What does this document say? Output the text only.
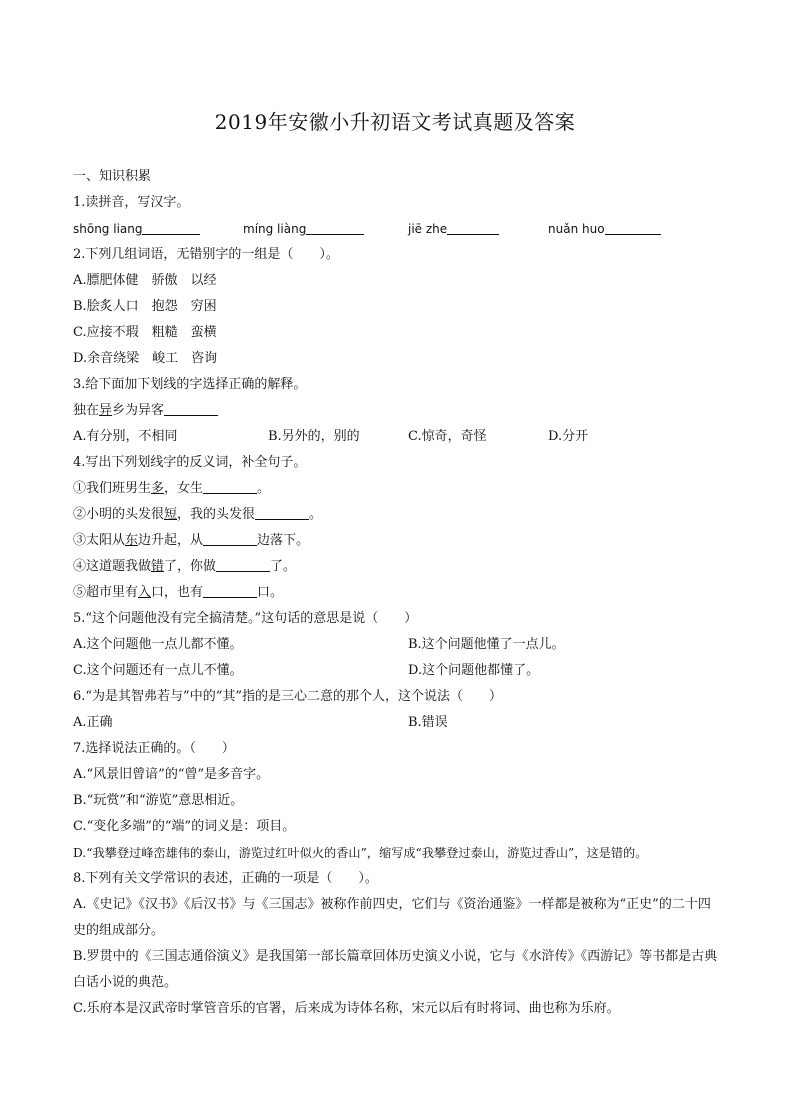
2019年安徽小升初语文考试真题及答案
一、知识积累
1.读拼音，写汉字。
shōng liang	míng liàng	jiē zhe	nuǎn huo
2.下列几组词语，无错别字的一组是（　　）。
A.膘肥体健　骄傲　以经
B.脍炙人口　抱怨　穷困
C.应接不瑕　粗糙　蛮横
D.余音绕梁　峻工　咨询
3.给下面加下划线的字选择正确的解释。
独在异乡为异客
A.有分别，不相同	B.另外的，别的	C.惊奇，奇怪	D.分开
4.写出下列划线字的反义词，补全句子。
①我们班男生多，女生	。
②小明的头发很短，我的头发很	。
③太阳从东边升起，从	边落下。
④这道题我做错了，你做	了。
⑤超市里有入口，也有	口。
5.“这个问题他没有完全搞清楚。”这句话的意思是说（　　）
A.这个问题他一点儿都不懂。	B.这个问题他懂了一点儿。
C.这个问题还有一点儿不懂。	D.这个问题他都懂了。
6.“为是其智弗若与”中的“其”指的是三心二意的那个人，这个说法（　　）
A.正确	B.错误
7.选择说法正确的。（　　）
A.“风景旧曾谙”的“曾”是多音字。
B.“玩赏”和“游览”意思相近。
C.“变化多端”的“端”的词义是：项目。
D.“我攀登过峰峦雄伟的泰山，游览过红叶似火的香山”，缩写成“我攀登过泰山，游览过香山”，这是错的。
8.下列有关文学常识的表述，正确的一项是（　　）。
A.《史记》《汉书》《后汉书》与《三国志》被称作前四史，它们与《资治通鉴》一样都是被称为“正史”的二十四史的组成部分。
B.罗贯中的《三国志通俗演义》是我国第一部长篇章回体历史演义小说，它与《水浒传》《西游记》等书都是古典白话小说的典范。
C.乐府本是汉武帝时掌管音乐的官署，后来成为诗体名称，宋元以后有时将词、曲也称为乐府。
